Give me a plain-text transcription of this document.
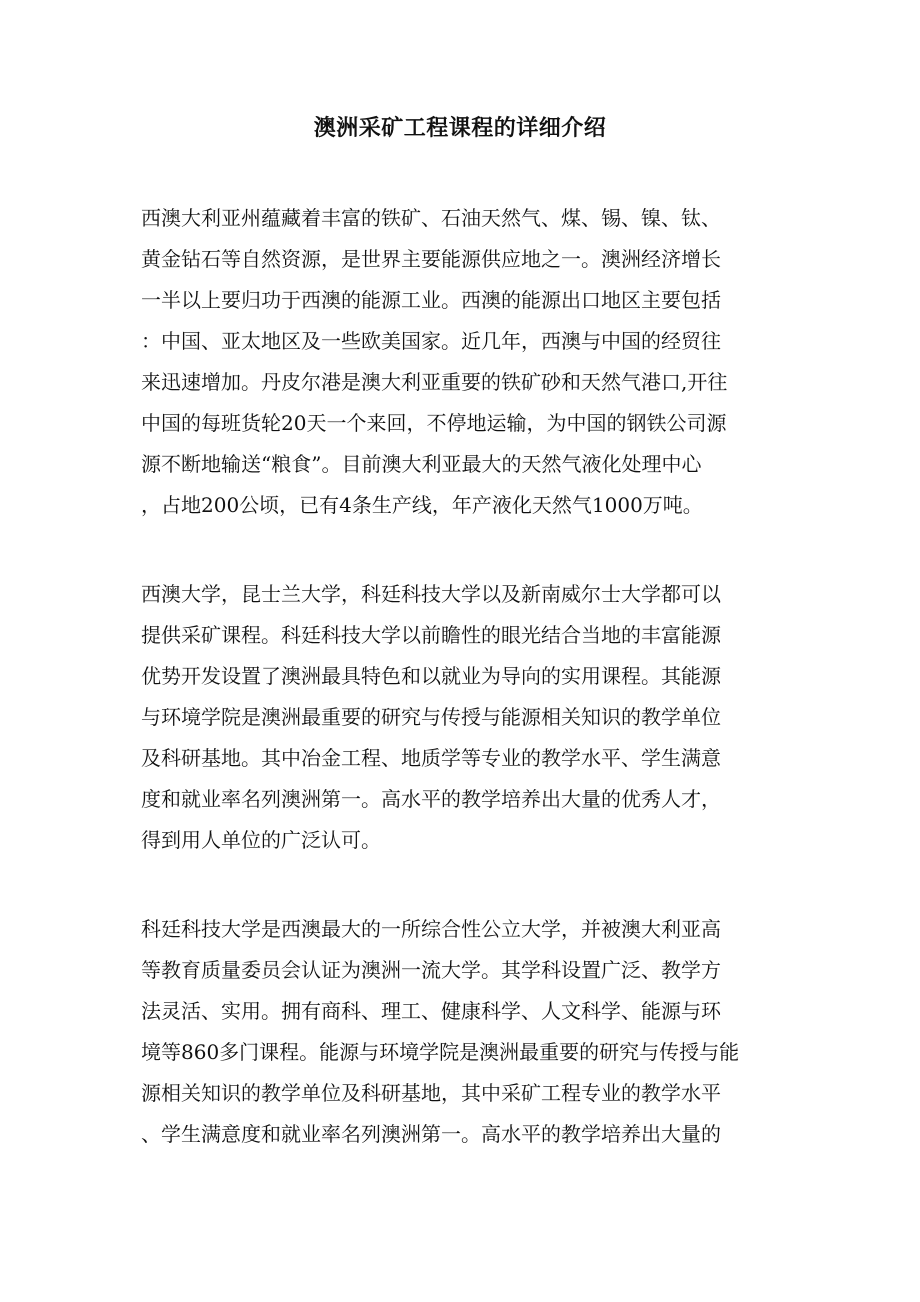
澳洲采矿工程课程的详细介绍
西澳大利亚州蕴藏着丰富的铁矿、石油天然气、煤、锡、镍、钛、
黄金钻石等自然资源，是世界主要能源供应地之一。澳洲经济增长
一半以上要归功于西澳的能源工业。西澳的能源出口地区主要包括
：中国、亚太地区及一些欧美国家。近几年，西澳与中国的经贸往
来迅速增加。丹皮尔港是澳大利亚重要的铁矿砂和天然气港口,开往
中国的每班货轮20天一个来回，不停地运输，为中国的钢铁公司源
源不断地输送“粮食”。目前澳大利亚最大的天然气液化处理中心
，占地200公顷，已有4条生产线，年产液化天然气1000万吨。
西澳大学，昆士兰大学，科廷科技大学以及新南威尔士大学都可以
提供采矿课程。科廷科技大学以前瞻性的眼光结合当地的丰富能源
优势开发设置了澳洲最具特色和以就业为导向的实用课程。其能源
与环境学院是澳洲最重要的研究与传授与能源相关知识的教学单位
及科研基地。其中冶金工程、地质学等专业的教学水平、学生满意
度和就业率名列澳洲第一。高水平的教学培养出大量的优秀人才，
得到用人单位的广泛认可。
科廷科技大学是西澳最大的一所综合性公立大学，并被澳大利亚高
等教育质量委员会认证为澳洲一流大学。其学科设置广泛、教学方
法灵活、实用。拥有商科、理工、健康科学、人文科学、能源与环
境等860多门课程。能源与环境学院是澳洲最重要的研究与传授与能
源相关知识的教学单位及科研基地，其中采矿工程专业的教学水平
、学生满意度和就业率名列澳洲第一。高水平的教学培养出大量的
